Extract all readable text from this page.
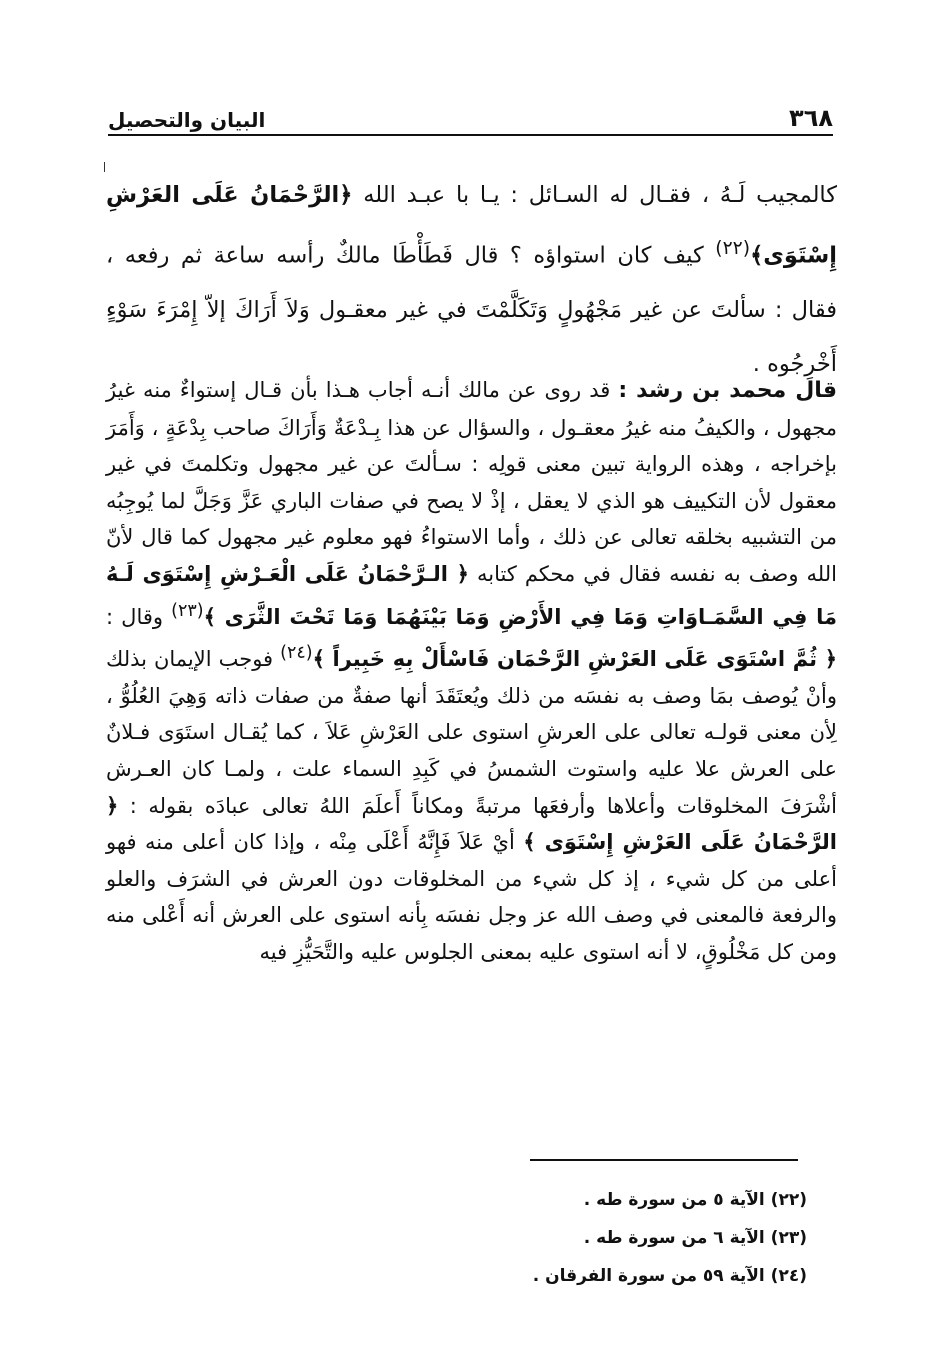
٣٦٨
البيان والتحصيل
كالمجيب لَـهُ ، فقـال له السـائل : يـا با عبـد الله ﴿الرَّحْمَانُ عَلَى العَرْشِ إِسْتَوَى﴾$^{(٢٢)}$ كيف كان استواؤه ؟ قال فَطَأْطَا مالكٌ رأسه ساعة ثم رفعه ، فقال : سألتَ عن غير مَجْهُولٍ وَتَكَلَّمْتَ في غير معقـول وَلاَ أَرَاكَ إلاّ إِمْرَءَ سَوْءٍ أَخْرِجُوه .
قال محمد بن رشد : قد روى عن مالك أنـه أجاب هـذا بأن قـال إستواءٌ منه غيرُ مجهول ، والكيفُ منه غيرُ معقـول ، والسؤال عن هذا بِـدْعَةٌ وَأَرَاكَ صاحب بِدْعَةٍ ، وَأَمَرَ بإخراجه ، وهذه الرواية تبين معنى قولِه : سـألتَ عن غير مجهول وتكلمتَ في غير معقول لأن التكييف هو الذي لا يعقل ، إذْ لا يصح في صفات الباري عَزَّ وَجَلَّ لما يُوجِبُه من التشبيه بخلقه تعالى عن ذلك ، وأما الاستواءُ فهو معلوم غير مجهول كما قال لأنّ الله وصف به نفسه فقال في محكم كتابه ﴿ الـرَّحْمَانُ عَلَى الْعَـرْشِ إِسْتَوَى لَـهُ مَا فِي السَّمَـاوَاتِ وَمَا فِي الأَرْضِ وَمَا بَيْنَهُمَا وَمَا تَحْتَ الثَّرَى ﴾$^{(٢٣)}$ وقال : ﴿ ثُمَّ اسْتَوَى عَلَى العَرْشِ الرَّحْمَان فَاسْأَلْ بِهِ خَبِيراً ﴾$^{(٢٤)}$ فوجب الإيمان بذلك وأنْ يُوصف بمَا وصف به نفسَه من ذلك ويُعتَقَدَ أنها صفةٌ من صفات ذاته وَهِيَ العُلُوُّ ، لِأن معنى قولـه تعالى على العرشِ استوى على العَرْشِ عَلاَ ، كما يُقـال استَوَى فـلانٌ على العرش علا عليه واستوت الشمسُ في كَبِدِ السماء علت ، ولمـا كان العـرش أشْرَفَ المخلوقات وأعلاها وأرفعَها مرتبةً ومكاناً أَعلَمَ اللهُ تعالى عبادَه بقوله : ﴿ الرَّحْمَانُ عَلَى العَرْشِ إِسْتَوَى ﴾ أيْ عَلاَ فَإِنَّهُ أَعْلَى مِنْه ، وإذا كان أعلى منه فهو أعلى من كل شيء ، إذ كل شيء من المخلوقات دون العرش في الشرَف والعلو والرفعة فالمعنى في وصف الله عز وجل نفسَه بِأنه استوى على العرش أنه أَعْلى منه ومن كل مَخْلُوقٍ، لا أنه استوى عليه بمعنى الجلوس عليه والتَّحَيُّزِ فيه
(٢٢) الآية ٥ من سورة طه .
(٢٣) الآية ٦ من سورة طه .
(٢٤) الآية ٥٩ من سورة الفرقان .
